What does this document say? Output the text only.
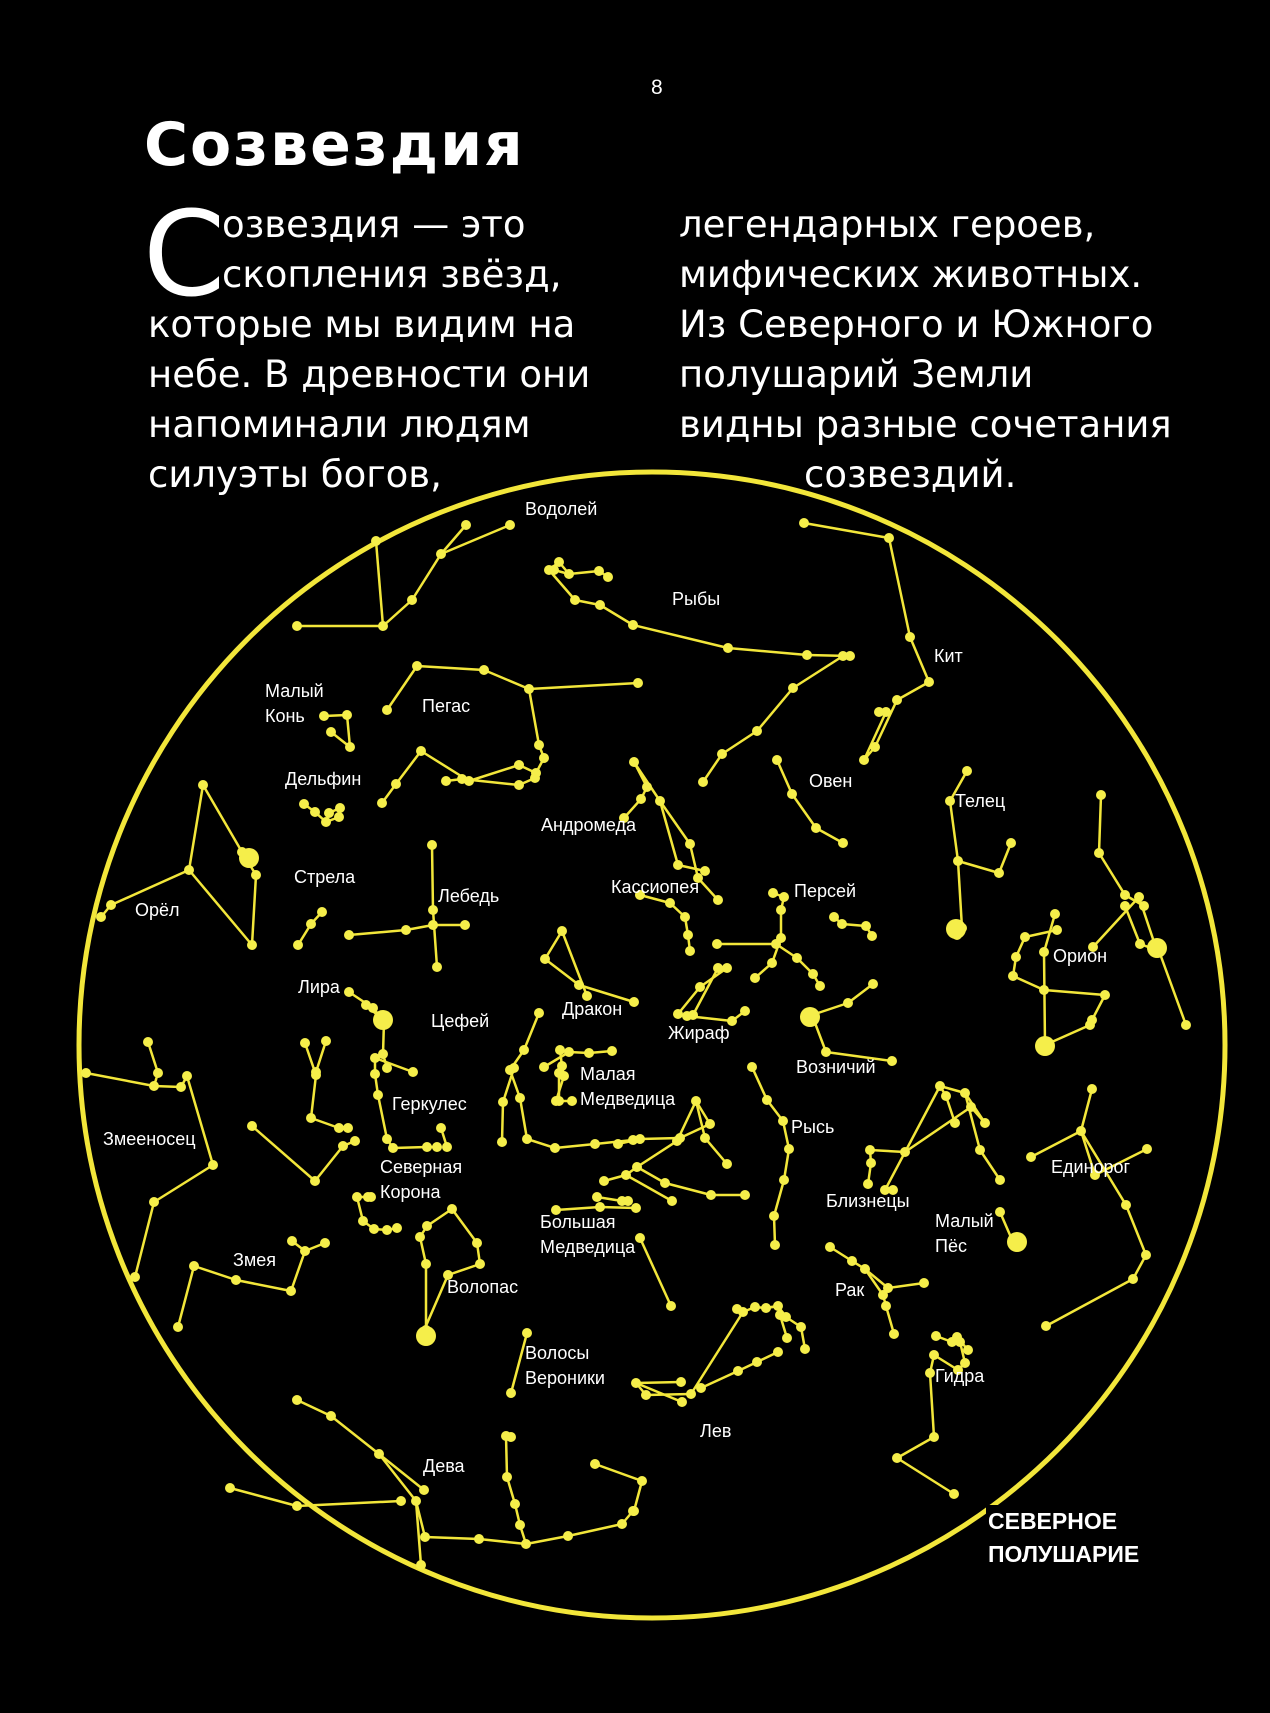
8
Созвездия
С
озвездия — это
скопления звёзд,
которые мы видим на
небе. В древности они
напоминали людям
силуэты богов,
легендарных героев,
мифических животных.
Из Северного и Южного
полушарий Земли
видны разные сочетания
созвездий.
Водолей
Рыбы
Кит
Малый Конь	Пегас
Дельфин	Овен
Телец
Андромеда
Стрела
Лебедь	Кассиопея	Персей
Орёл
Орион
Лира
Цефей
Дракон
Жираф
Возничий
Малая Медведица
Геркулес
Змееносец
Рысь
Единорог
Северная Корона	Близнецы
Большая Медведица
Малый Пёс
Змея
Волопас	Рак
Волосы Вероники	Гидра
Лев
Дева
СЕВЕРНОЕ
ПОЛУШАРИЕ
